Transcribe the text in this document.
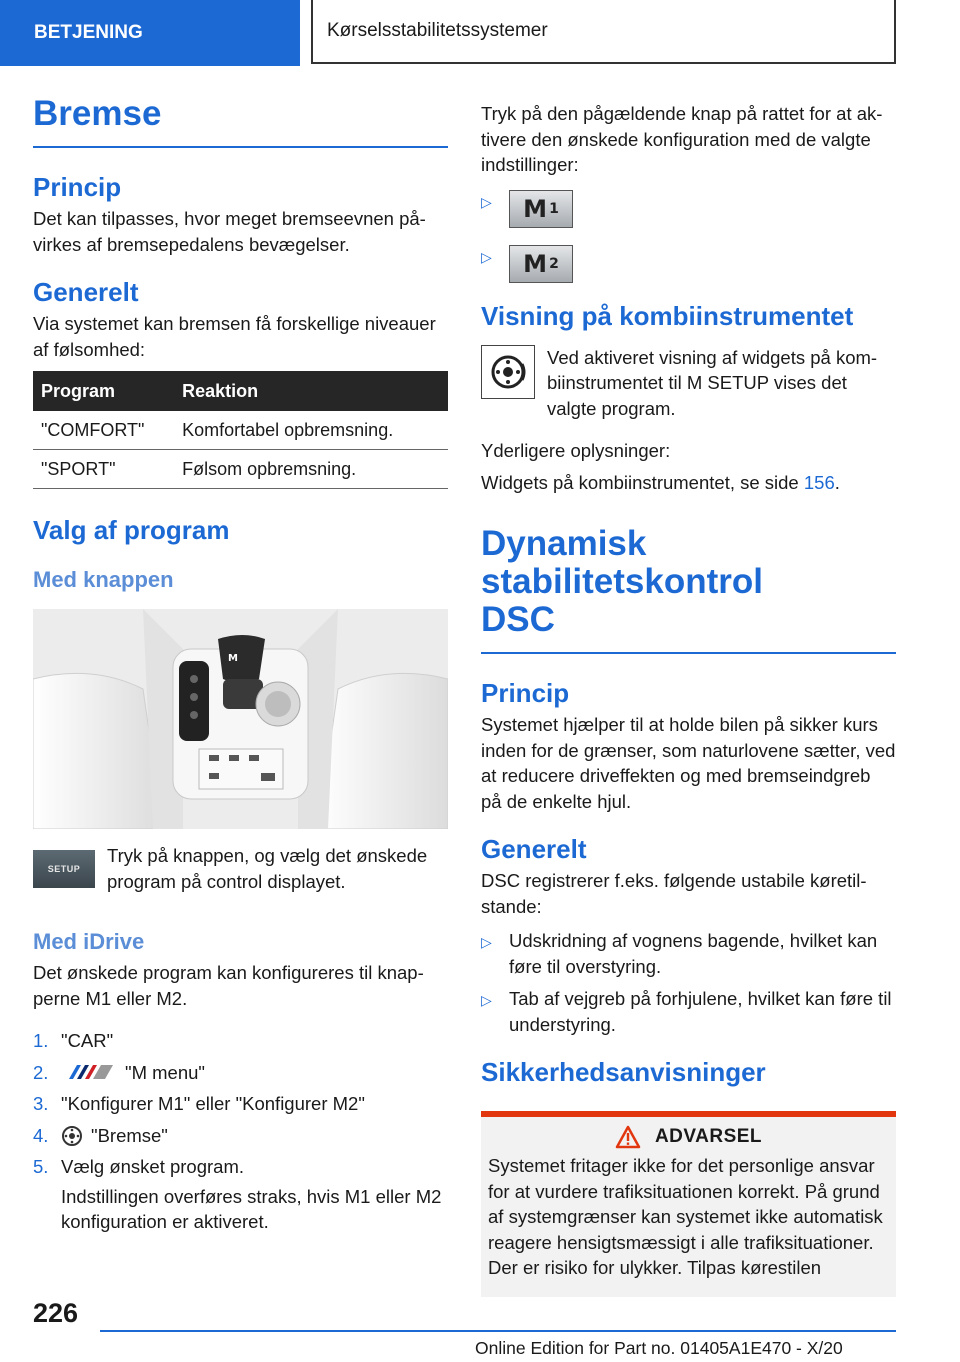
BETJENING	Kørselsstabilitetssystemer
Bremse
Princip

Det kan tilpasses, hvor meget bremseevnen påvirkes af bremsepedalens bevægelser.

Generelt

Via systemet kan bremsen få forskellige niveauer af følsomhed:

Program	Reaktion
"COMFORT"	Komfortabel opbremsning.
"SPORT"	Følsom opbremsning.
Valg af program
Med knappen
M
SETUP

Tryk på knappen, og vælg det ønskede program på control displayet.

Med iDrive

Det ønskede program kan konfigureres til knapperne M1 eller M2.

1. "CAR"
2.	"M menu"
3. "Konfigurer M1" eller "Konfigurer M2"
4.	"Bremse"
5. Vælg ønsket program.

Indstillingen overføres straks, hvis M1 eller M2 konfiguration er aktiveret.

Tryk på den pågældende knap på rattet for at aktivere den ønskede konfiguration med de valgte indstillinger:

▷	M 1
▷	M 2
Visning på kombiinstrumentet

Ved aktiveret visning af widgets på kombiinstrumentet til M SETUP vises det valgte program.

Yderligere oplysninger:

Widgets på kombiinstrumentet, se side 156.

Dynamisk stabilitetskontrol
DSC
Princip

Systemet hjælper til at holde bilen på sikker kurs inden for de grænser, som naturlovene sætter, ved at reducere driveffekten og med bremseindgreb på de enkelte hjul.

Generelt

DSC registrerer f.eks. følgende ustabile køretilstande:

▷ Udskridning af vognens bagende, hvilket kan føre til overstyring.
▷ Tab af vejgreb på forhjulene, hvilket kan føre til understyring.
Sikkerhedsanvisninger
ADVARSEL

Systemet fritager ikke for det personlige ansvar for at vurdere trafiksituationen korrekt. På grund af systemgrænser kan systemet ikke automatisk reagere hensigtsmæssigt i alle trafiksituationer. Der er risiko for ulykker. Tilpas kørestilen

226
Online Edition for Part no. 01405A1E470 - X/20
